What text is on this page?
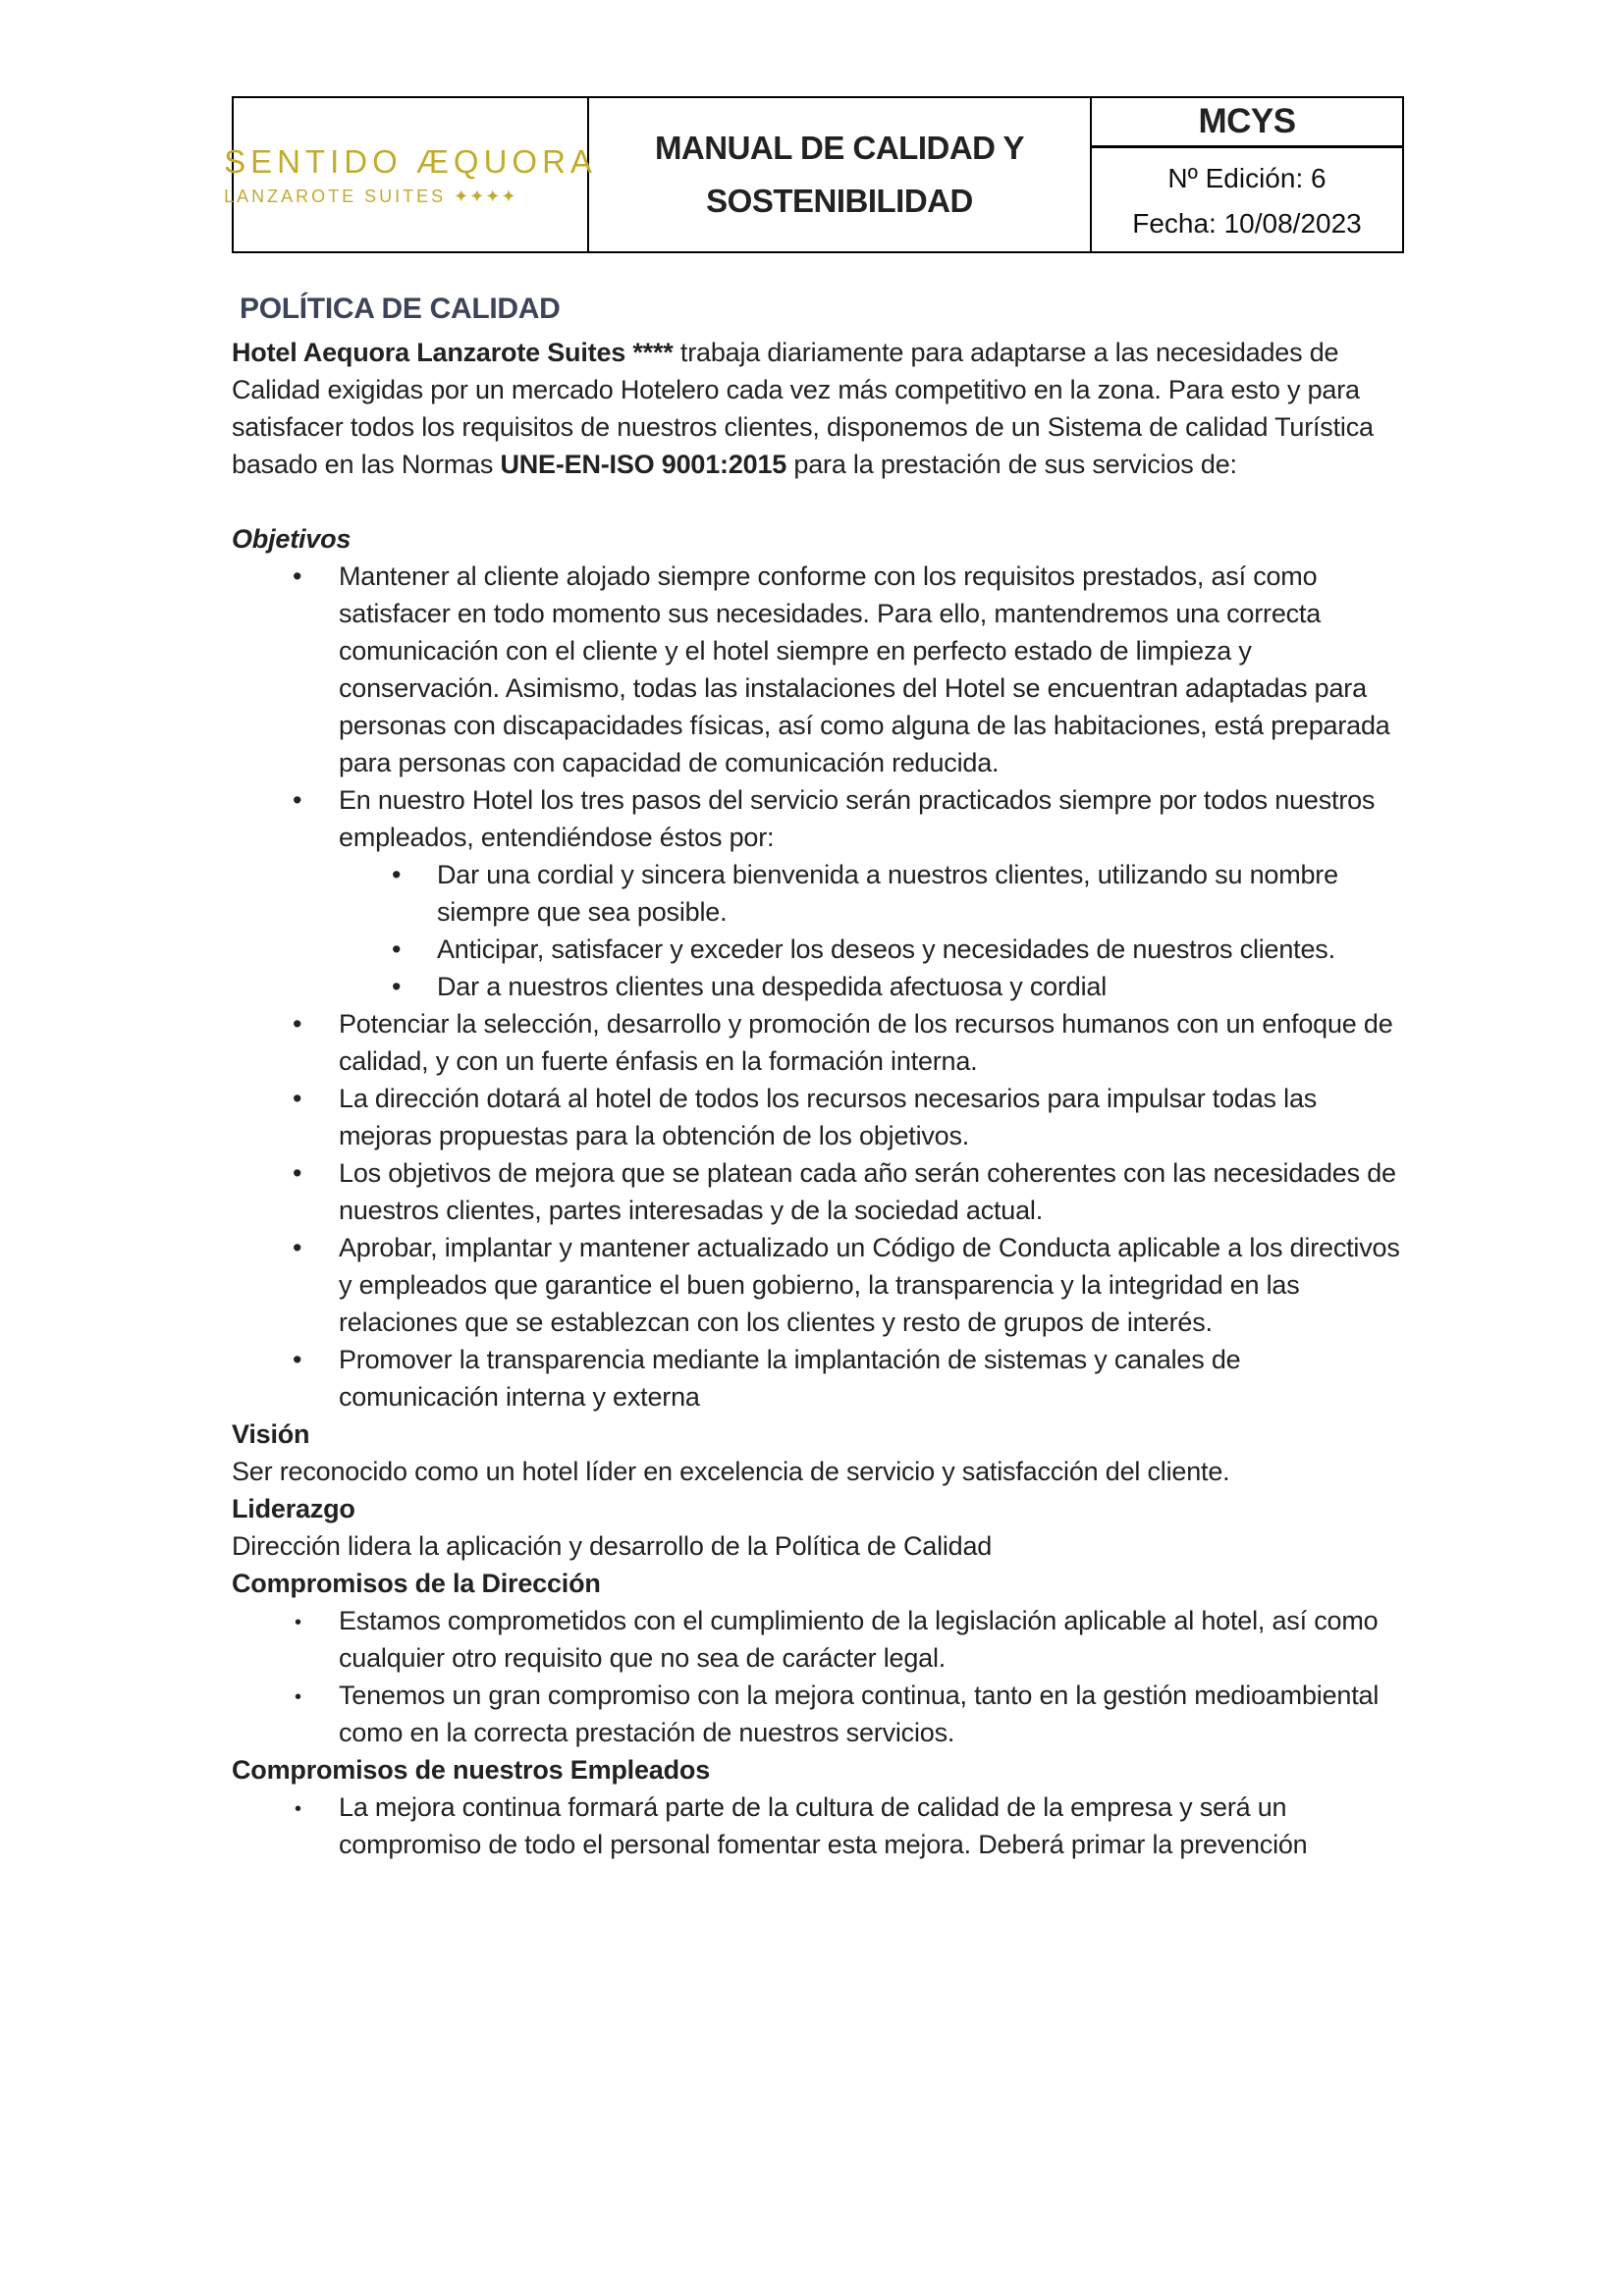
SENTIDO ÆQUORA
LANZAROTE SUITES ✦✦✦✦
MANUAL DE CALIDAD Y SOSTENIBILIDAD
MCYS
Nº Edición: 6
Fecha: 10/08/2023
POLÍTICA DE CALIDAD

Hotel Aequora Lanzarote Suites **** trabaja diariamente para adaptarse a las necesidades de Calidad exigidas por un mercado Hotelero cada vez más competitivo en la zona. Para esto y para satisfacer todos los requisitos de nuestros clientes, disponemos de un Sistema de calidad Turística basado en las Normas UNE-EN-ISO 9001:2015 para la prestación de sus servicios de:

Objetivos
• Mantener al cliente alojado siempre conforme con los requisitos prestados, así como satisfacer en todo momento sus necesidades. Para ello, mantendremos una correcta comunicación con el cliente y el hotel siempre en perfecto estado de limpieza y conservación. Asimismo, todas las instalaciones del Hotel se encuentran adaptadas para personas con discapacidades físicas, así como alguna de las habitaciones, está preparada para personas con capacidad de comunicación reducida.
• En nuestro Hotel los tres pasos del servicio serán practicados siempre por todos nuestros empleados, entendiéndose éstos por:
• Dar una cordial y sincera bienvenida a nuestros clientes, utilizando su nombre siempre que sea posible.
• Anticipar, satisfacer y exceder los deseos y necesidades de nuestros clientes.
• Dar a nuestros clientes una despedida afectuosa y cordial
• Potenciar la selección, desarrollo y promoción de los recursos humanos con un enfoque de calidad, y con un fuerte énfasis en la formación interna.
• La dirección dotará al hotel de todos los recursos necesarios para impulsar todas las mejoras propuestas para la obtención de los objetivos.
• Los objetivos de mejora que se platean cada año serán coherentes con las necesidades de nuestros clientes, partes interesadas y de la sociedad actual.
• Aprobar, implantar y mantener actualizado un Código de Conducta aplicable a los directivos y empleados que garantice el buen gobierno, la transparencia y la integridad en las relaciones que se establezcan con los clientes y resto de grupos de interés.
• Promover la transparencia mediante la implantación de sistemas y canales de comunicación interna y externa
Visión

Ser reconocido como un hotel líder en excelencia de servicio y satisfacción del cliente.

Liderazgo

Dirección lidera la aplicación y desarrollo de la Política de Calidad

Compromisos de la Dirección
• Estamos comprometidos con el cumplimiento de la legislación aplicable al hotel, así como cualquier otro requisito que no sea de carácter legal.
• Tenemos un gran compromiso con la mejora continua, tanto en la gestión medioambiental como en la correcta prestación de nuestros servicios.
Compromisos de nuestros Empleados
• La mejora continua formará parte de la cultura de calidad de la empresa y será un compromiso de todo el personal fomentar esta mejora. Deberá primar la prevención
